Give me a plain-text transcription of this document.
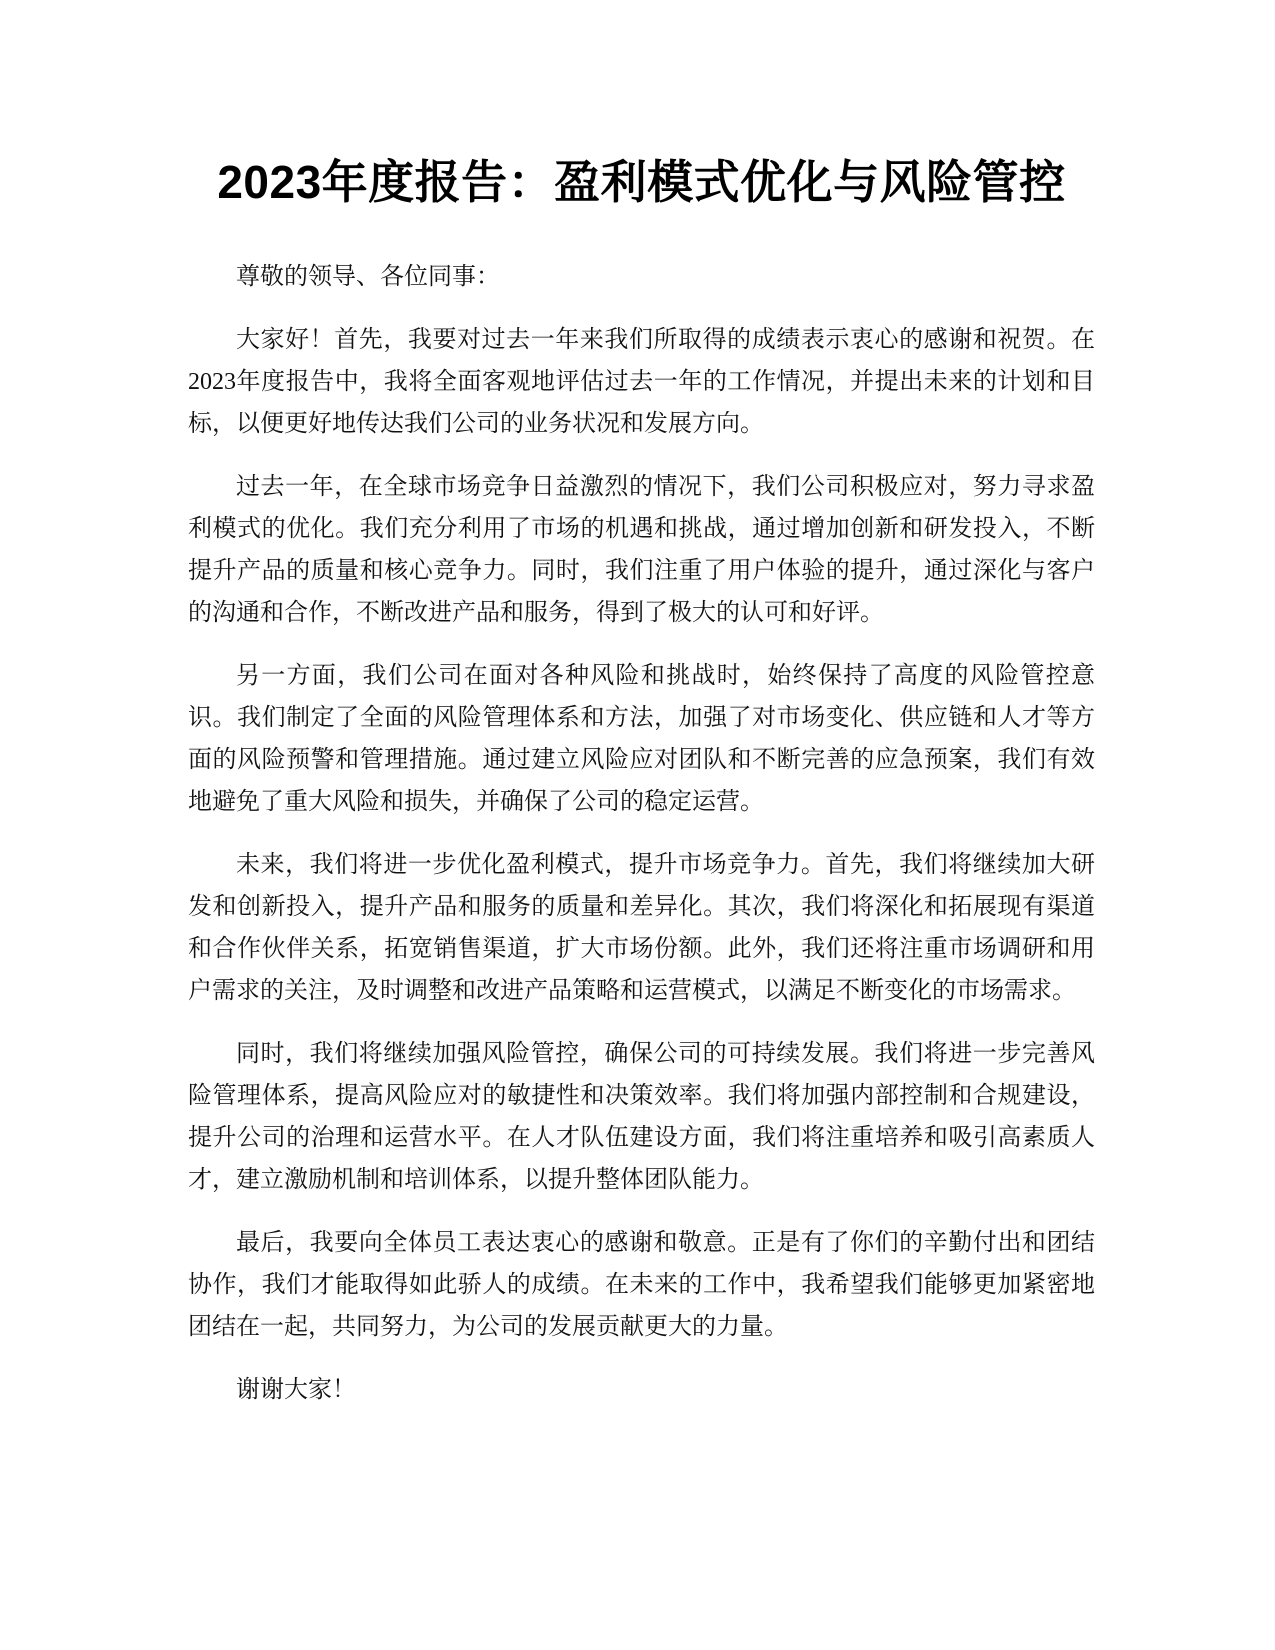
2023年度报告：盈利模式优化与风险管控

尊敬的领导、各位同事：

大家好！首先，我要对过去一年来我们所取得的成绩表示衷心的感谢和祝贺。在2023年度报告中，我将全面客观地评估过去一年的工作情况，并提出未来的计划和目标，以便更好地传达我们公司的业务状况和发展方向。

过去一年，在全球市场竞争日益激烈的情况下，我们公司积极应对，努力寻求盈利模式的优化。我们充分利用了市场的机遇和挑战，通过增加创新和研发投入，不断提升产品的质量和核心竞争力。同时，我们注重了用户体验的提升，通过深化与客户的沟通和合作，不断改进产品和服务，得到了极大的认可和好评。

另一方面，我们公司在面对各种风险和挑战时，始终保持了高度的风险管控意识。我们制定了全面的风险管理体系和方法，加强了对市场变化、供应链和人才等方面的风险预警和管理措施。通过建立风险应对团队和不断完善的应急预案，我们有效地避免了重大风险和损失，并确保了公司的稳定运营。

未来，我们将进一步优化盈利模式，提升市场竞争力。首先，我们将继续加大研发和创新投入，提升产品和服务的质量和差异化。其次，我们将深化和拓展现有渠道和合作伙伴关系，拓宽销售渠道，扩大市场份额。此外，我们还将注重市场调研和用户需求的关注，及时调整和改进产品策略和运营模式，以满足不断变化的市场需求。

同时，我们将继续加强风险管控，确保公司的可持续发展。我们将进一步完善风险管理体系，提高风险应对的敏捷性和决策效率。我们将加强内部控制和合规建设，提升公司的治理和运营水平。在人才队伍建设方面，我们将注重培养和吸引高素质人才，建立激励机制和培训体系，以提升整体团队能力。

最后，我要向全体员工表达衷心的感谢和敬意。正是有了你们的辛勤付出和团结协作，我们才能取得如此骄人的成绩。在未来的工作中，我希望我们能够更加紧密地团结在一起，共同努力，为公司的发展贡献更大的力量。

谢谢大家！
